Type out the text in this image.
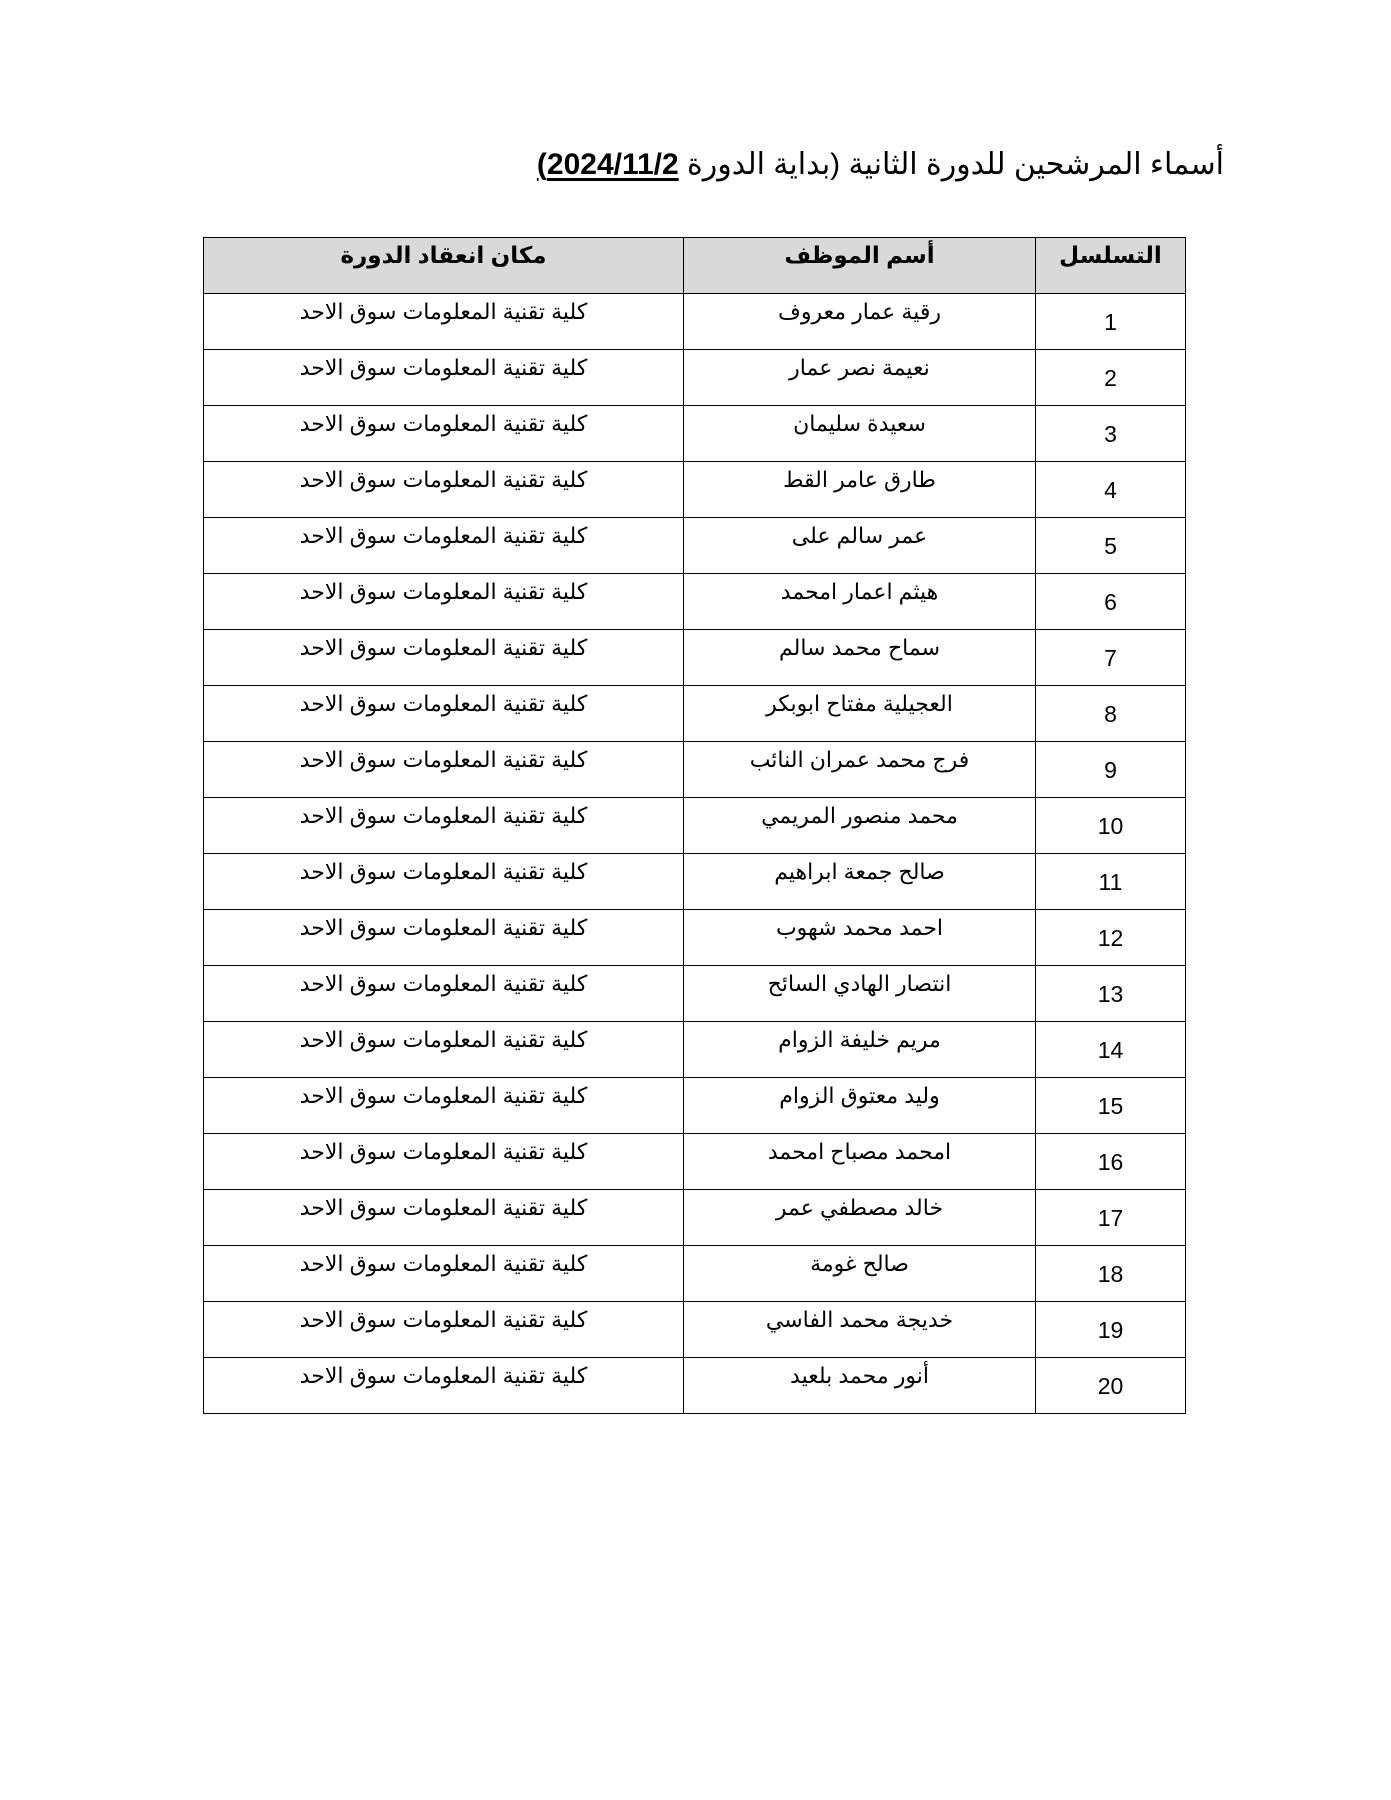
أسماء المرشحين للدورة الثانية (بداية الدورة 2024/11/2)
التسلسل	أسم الموظف	مكان انعقاد الدورة
1	رقية عمار معروف	كلية تقنية المعلومات سوق الاحد
2	نعيمة نصر عمار	كلية تقنية المعلومات سوق الاحد
3	سعيدة سليمان	كلية تقنية المعلومات سوق الاحد
4	طارق عامر القط	كلية تقنية المعلومات سوق الاحد
5	عمر سالم على	كلية تقنية المعلومات سوق الاحد
6	هيثم اعمار امحمد	كلية تقنية المعلومات سوق الاحد
7	سماح محمد سالم	كلية تقنية المعلومات سوق الاحد
8	العجيلية مفتاح ابوبكر	كلية تقنية المعلومات سوق الاحد
9	فرج محمد عمران النائب	كلية تقنية المعلومات سوق الاحد
10	محمد منصور المريمي	كلية تقنية المعلومات سوق الاحد
11	صالح جمعة ابراهيم	كلية تقنية المعلومات سوق الاحد
12	احمد محمد شهوب	كلية تقنية المعلومات سوق الاحد
13	انتصار الهادي السائح	كلية تقنية المعلومات سوق الاحد
14	مريم خليفة الزوام	كلية تقنية المعلومات سوق الاحد
15	وليد معتوق الزوام	كلية تقنية المعلومات سوق الاحد
16	امحمد مصباح امحمد	كلية تقنية المعلومات سوق الاحد
17	خالد مصطفي عمر	كلية تقنية المعلومات سوق الاحد
18	صالح غومة	كلية تقنية المعلومات سوق الاحد
19	خديجة محمد الفاسي	كلية تقنية المعلومات سوق الاحد
20	أنور محمد بلعيد	كلية تقنية المعلومات سوق الاحد
